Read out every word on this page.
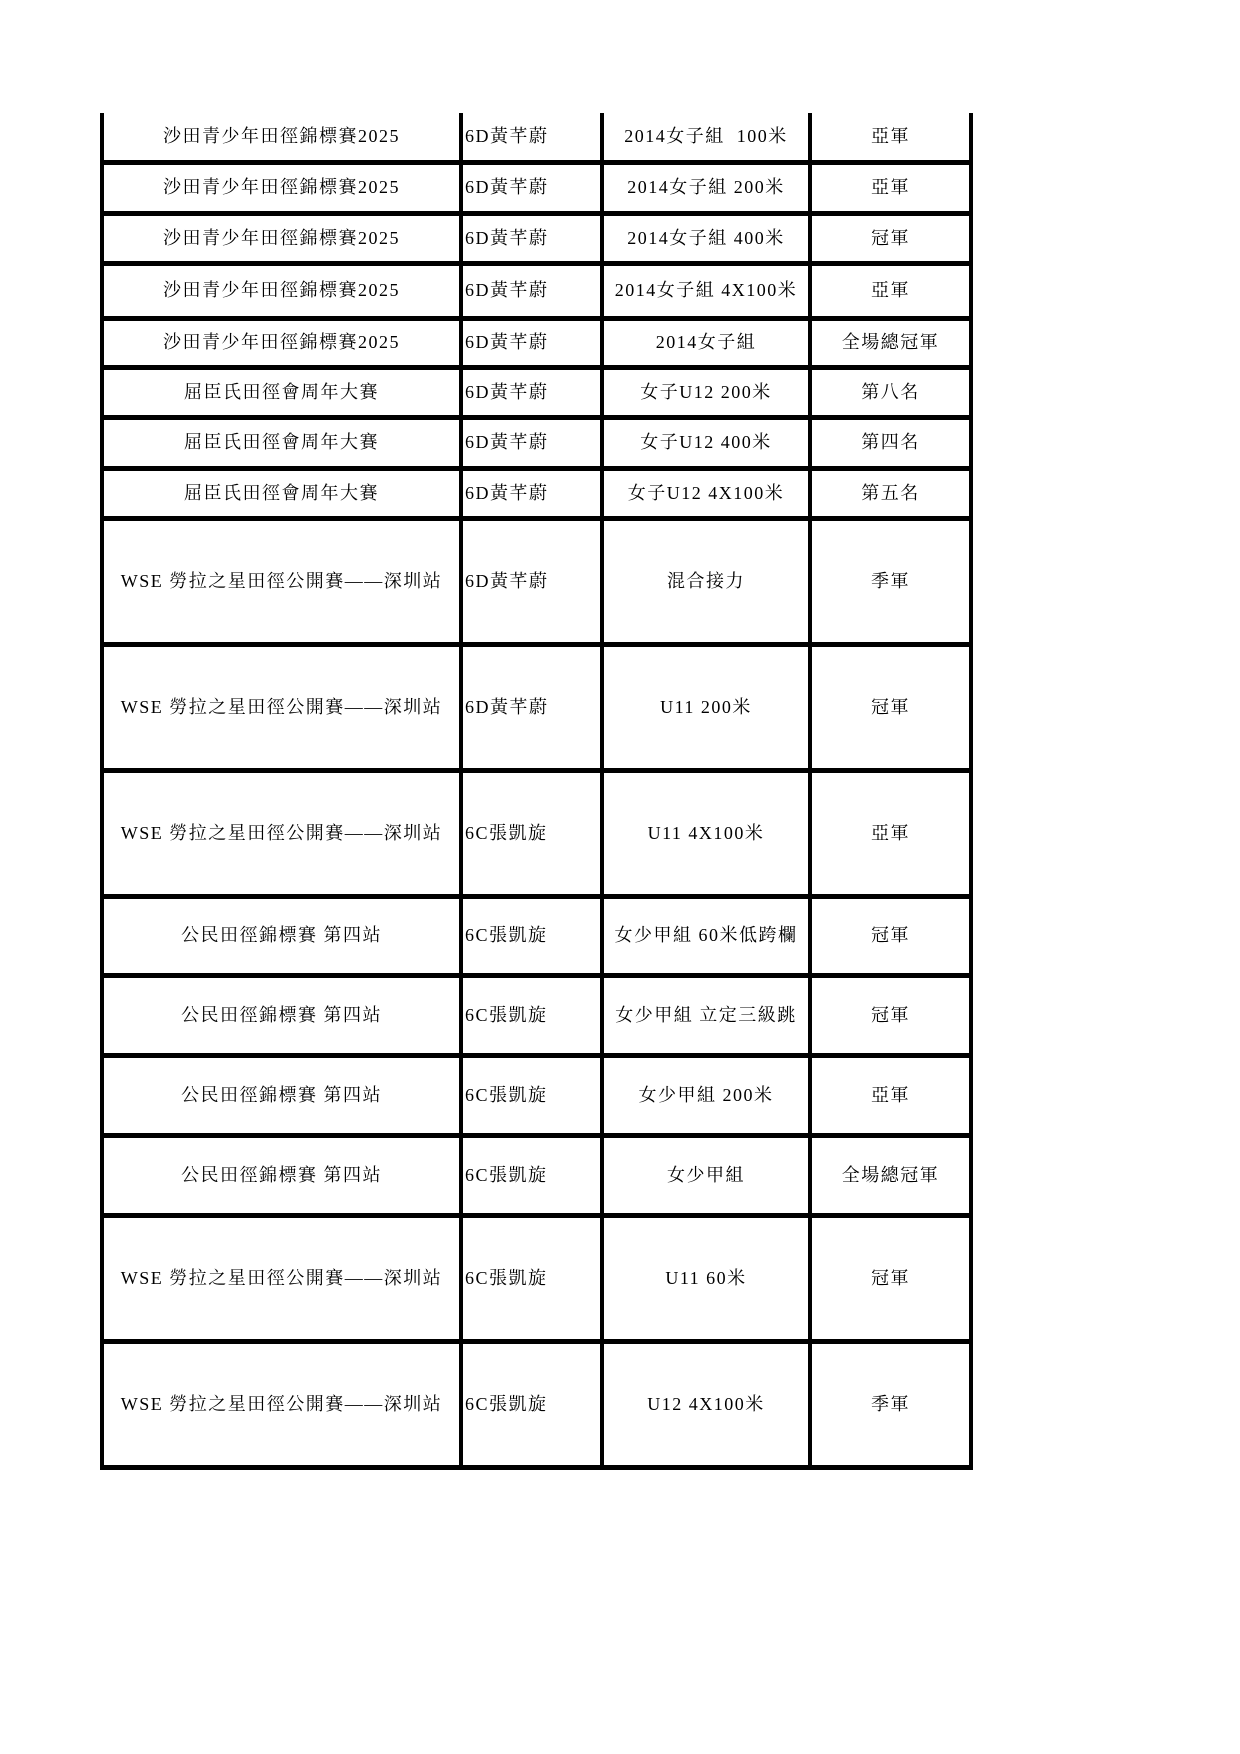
沙田青少年田徑錦標賽2025	6D黃芊蔚	2014女子組  100米	亞軍
沙田青少年田徑錦標賽2025	6D黃芊蔚	2014女子組 200米	亞軍
沙田青少年田徑錦標賽2025	6D黃芊蔚	2014女子組 400米	冠軍
沙田青少年田徑錦標賽2025	6D黃芊蔚	2014女子組 4X100米	亞軍
沙田青少年田徑錦標賽2025	6D黃芊蔚	2014女子組	全場總冠軍
屈臣氏田徑會周年大賽	6D黃芊蔚	女子U12 200米	第八名
屈臣氏田徑會周年大賽	6D黃芊蔚	女子U12 400米	第四名
屈臣氏田徑會周年大賽	6D黃芊蔚	女子U12 4X100米	第五名
WSE 勞拉之星田徑公開賽——深圳站	6D黃芊蔚	混合接力	季軍
WSE 勞拉之星田徑公開賽——深圳站	6D黃芊蔚	U11 200米	冠軍
WSE 勞拉之星田徑公開賽——深圳站	6C張凱旋	U11 4X100米	亞軍
公民田徑錦標賽 第四站	6C張凱旋	女少甲組 60米低跨欄	冠軍
公民田徑錦標賽 第四站	6C張凱旋	女少甲組 立定三級跳	冠軍
公民田徑錦標賽 第四站	6C張凱旋	女少甲組 200米	亞軍
公民田徑錦標賽 第四站	6C張凱旋	女少甲組	全場總冠軍
WSE 勞拉之星田徑公開賽——深圳站	6C張凱旋	U11 60米	冠軍
WSE 勞拉之星田徑公開賽——深圳站	6C張凱旋	U12 4X100米	季軍
